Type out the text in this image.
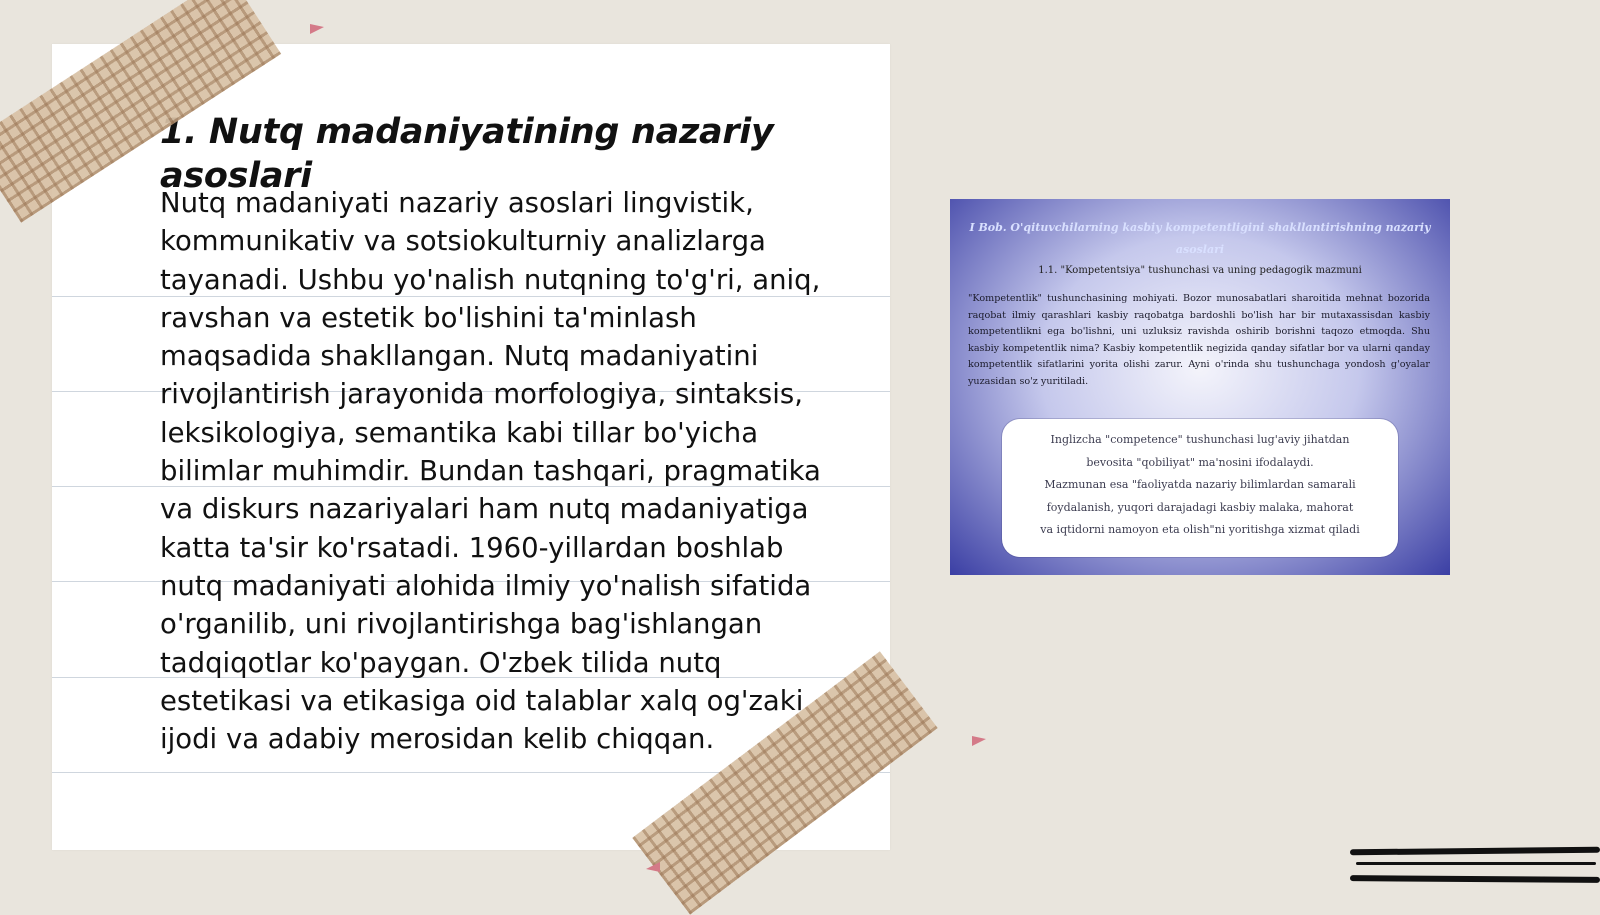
1. Nutq madaniyatining nazariy asoslari

Nutq madaniyati nazariy asoslari lingvistik, kommunikativ va sotsiokulturniy analizlarga tayanadi. Ushbu yo'nalish nutqning to'g'ri, aniq, ravshan va estetik bo'lishini ta'minlash maqsadida shakllangan. Nutq madaniyatini rivojlantirish jarayonida morfologiya, sintaksis, leksikologiya, semantika kabi tillar bo'yicha bilimlar muhimdir. Bundan tashqari, pragmatika va diskurs nazariyalari ham nutq madaniyatiga katta ta'sir ko'rsatadi. 1960-yillardan boshlab nutq madaniyati alohida ilmiy yo'nalish sifatida o'rganilib, uni rivojlantirishga bag'ishlangan tadqiqotlar ko'paygan. O'zbek tilida nutq estetikasi va etikasiga oid talablar xalq og'zaki ijodi va adabiy merosidan kelib chiqqan.

I Bob. O'qituvchilarning kasbiy kompetentligini shakllantirishning nazariy asoslari

1.1. "Kompetentsiya" tushunchasi va uning pedagogik mazmuni

"Kompetentlik" tushunchasining mohiyati. Bozor munosabatlari sharoitida mehnat bozorida raqobat ilmiy qarashlari kasbiy raqobatga bardoshli bo'lish har bir mutaxassisdan kasbiy kompetentlikni ega bo'lishni, uni uzluksiz ravishda oshirib borishni taqozo etmoqda. Shu kasbiy kompetentlik nima? Kasbiy kompetentlik negizida qanday sifatlar bor va ularni qanday kompetentlik sifatlarini yorita olishi zarur. Ayni o'rinda shu tushunchaga yondosh g'oyalar yuzasidan so'z yuritiladi.

Inglizcha "competence" tushunchasi lug'aviy jihatdan
bevosita "qobiliyat" ma'nosini ifodalaydi.
Mazmunan esa "faoliyatda nazariy bilimlardan samarali
foydalanish, yuqori darajadagi kasbiy malaka, mahorat
va iqtidorni namoyon eta olish"ni yoritishga xizmat qiladi
